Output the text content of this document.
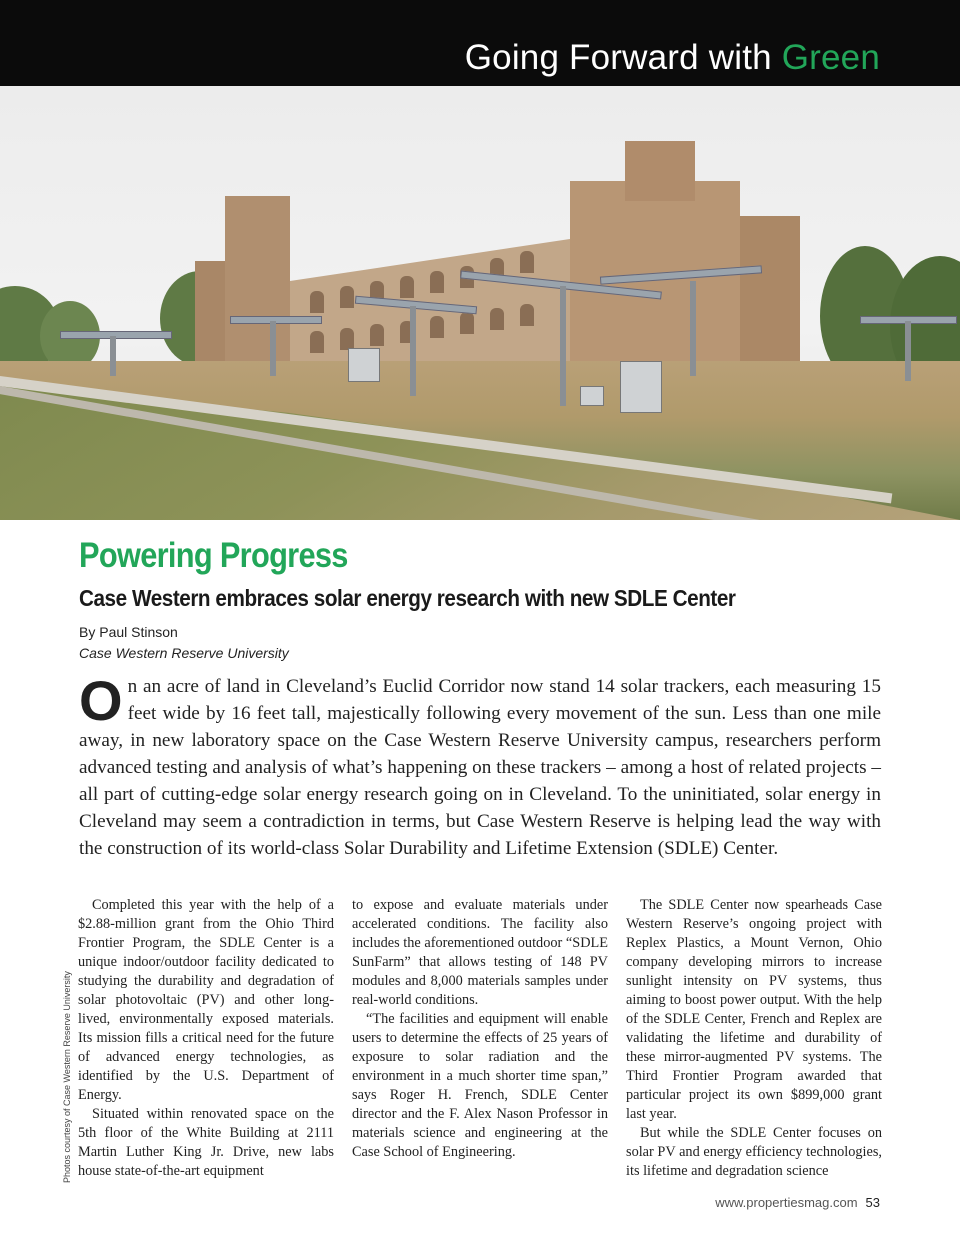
Going Forward with Green
Powering Progress
Case Western embraces solar energy research with new SDLE Center
By Paul Stinson
Case Western Reserve University
On an acre of land in Cleveland’s Euclid Corridor now stand 14 solar trackers, each measuring 15 feet wide by 16 feet tall, majestically following every movement of the sun. Less than one mile away, in new laboratory space on the Case Western Reserve University campus, researchers perform advanced testing and analysis of what’s happening on these trackers – among a host of related projects – all part of cutting-edge solar energy research going on in Cleveland. To the uninitiated, solar energy in Cleveland may seem a contradiction in terms, but Case Western Reserve is helping lead the way with the construction of its world-class Solar Durability and Lifetime Extension (SDLE) Center.

Completed this year with the help of a $2.88-million grant from the Ohio Third Frontier Program, the SDLE Center is a unique indoor/outdoor facility dedicated to studying the durability and degradation of solar photovoltaic (PV) and other long-lived, environmentally exposed materials. Its mission fills a critical need for the future of advanced energy technologies, as identified by the U.S. Department of Energy.

Situated within renovated space on the 5th floor of the White Building at 2111 Martin Luther King Jr. Drive, new labs house state-of-the-art equipment

to expose and evaluate materials under accelerated conditions. The facility also includes the aforementioned outdoor “SDLE SunFarm” that allows testing of 148 PV modules and 8,000 materials samples under real-world conditions.

“The facilities and equipment will enable users to determine the effects of 25 years of exposure to solar radiation and the environment in a much shorter time span,” says Roger H. French, SDLE Center director and the F. Alex Nason Professor in materials science and engineering at the Case School of Engineering.

The SDLE Center now spearheads Case Western Reserve’s ongoing project with Replex Plastics, a Mount Vernon, Ohio company developing mirrors to increase sunlight intensity on PV systems, thus aiming to boost power output. With the help of the SDLE Center, French and Replex are validating the lifetime and durability of these mirror-augmented PV systems. The Third Frontier Program awarded that particular project its own $899,000 grant last year.

But while the SDLE Center focuses on solar PV and energy efficiency technologies, its lifetime and degradation science

Photos courtesy of Case Western Reserve University
www.propertiesmag.com 53
